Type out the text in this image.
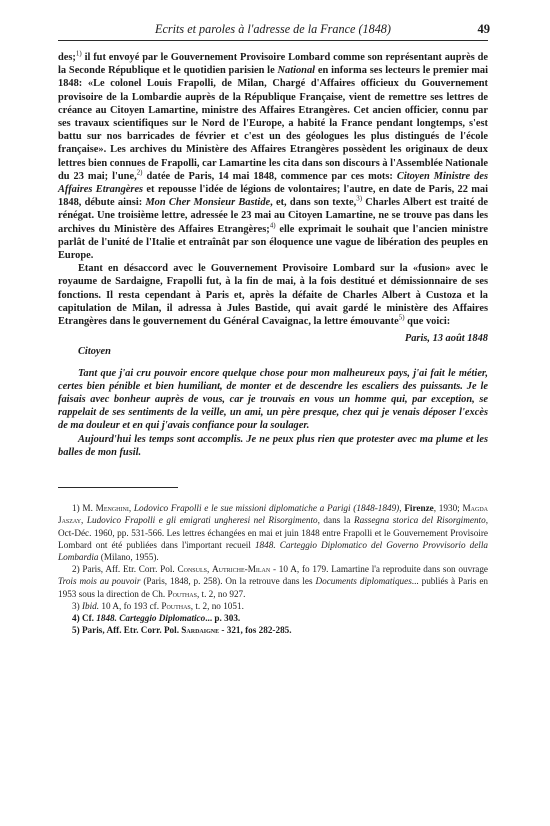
Ecrits et paroles à l'adresse de la France (1848)	49

des;$^{1)}$ il fut envoyé par le Gouvernement Provisoire Lombard comme son représentant auprès de la Seconde République et le quotidien parisien le National en informa ses lecteurs le premier mai 1848: «Le colonel Louis Frapolli, de Milan, Chargé d'Affaires officieux du Gouvernement provisoire de la Lombardie auprès de la République Française, vient de remettre ses lettres de créance au Citoyen Lamartine, ministre des Affaires Etrangères. Cet ancien officier, connu par ses travaux scientifiques sur le Nord de l'Europe, a habité la France pendant longtemps, s'est battu sur nos barricades de février et c'est un des géologues les plus distingués de l'école française». Les archives du Ministère des Affaires Etrangères possèdent les originaux de deux lettres bien connues de Frapolli, car Lamartine les cita dans son discours à l'Assemblée Nationale du 23 mai; l'une,$^{2)}$ datée de Paris, 14 mai 1848, commence par ces mots: Citoyen Ministre des Affaires Etrangères et repousse l'idée de légions de volontaires; l'autre, en date de Paris, 22 mai 1848, débute ainsi: Mon Cher Monsieur Bastide, et, dans son texte,$^{3)}$ Charles Albert est traité de rénégat. Une troisième lettre, adressée le 23 mai au Citoyen Lamartine, ne se trouve pas dans les archives du Ministère des Affaires Etrangères;$^{4)}$ elle exprimait le souhait que l'ancien ministre parlât de l'unité de l'Italie et entraînât par son éloquence une vague de libération des peuples en Europe.

Etant en désaccord avec le Gouvernement Provisoire Lombard sur la «fusion» avec le royaume de Sardaigne, Frapolli fut, à la fin de mai, à la fois destitué et démissionnaire de ses fonctions. Il resta cependant à Paris et, après la défaite de Charles Albert à Custoza et la capitulation de Milan, il adressa à Jules Bastide, qui avait gardé le ministère des Affaires Etrangères dans le gouvernement du Général Cavaignac, la lettre émouvante$^{5)}$ que voici:

Paris, 13 août 1848

Citoyen

Tant que j'ai cru pouvoir encore quelque chose pour mon malheureux pays, j'ai fait le métier, certes bien pénible et bien humiliant, de monter et de descendre les escaliers des puissants. Je le faisais avec bonheur auprès de vous, car je trouvais en vous un homme qui, par exception, se rappelait de ses sentiments de la veille, un ami, un père presque, chez qui je venais déposer l'excès de ma douleur et en qui j'avais confiance pour la soulager.

Aujourd'hui les temps sont accomplis. Je ne peux plus rien que protester avec ma plume et les balles de mon fusil.

1) M. Menghini, Lodovico Frapolli e le sue missioni diplomatiche a Parigi (1848-1849), Firenze, 1930; Magda Jaszay, Ludovico Frapolli e gli emigrati ungheresi nel Risorgimento, dans la Rassegna storica del Risorgimento, Oct-Déc. 1960, pp. 531-566. Les lettres échangées en mai et juin 1848 entre Frapolli et le Gouvernement Provisoire Lombard ont été publiées dans l'important recueil 1848. Carteggio Diplomatico del Governo Provvisorio della Lombardia (Milano, 1955).

2) Paris, Aff. Etr. Corr. Pol. Consuls, Autriche-Milan - 10 A, fo 179. Lamartine l'a reproduite dans son ouvrage Trois mois au pouvoir (Paris, 1848, p. 258). On la retrouve dans les Documents diplomatiques... publiés à Paris en 1953 sous la direction de Ch. Pouthas, t. 2, no 927.

3) Ibid. 10 A, fo 193 cf. Pouthas, t. 2, no 1051.

4) Cf. 1848. Carteggio Diplomatico... p. 303.

5) Paris, Aff. Etr. Corr. Pol. Sardaigne - 321, fos 282-285.
